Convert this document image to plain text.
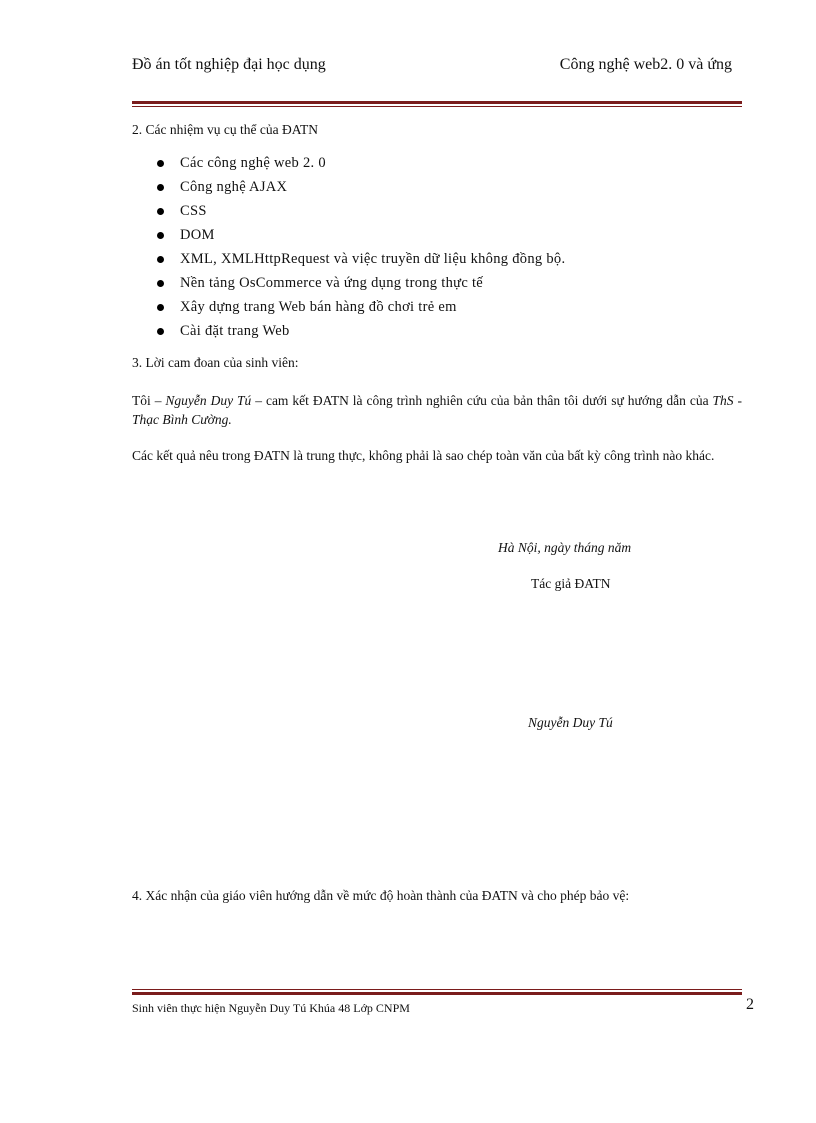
Đồ án tốt nghiệp đại học dụng	Công nghệ web2. 0 và ứng

2. Các nhiệm vụ cụ thể của ĐATN

Các công nghệ web 2. 0
Công nghệ AJAX
CSS
DOM
XML, XMLHttpRequest và việc truyền dữ liệu không đồng bộ.
Nền tảng OsCommerce và ứng dụng trong thực tế
Xây dựng trang Web bán hàng đồ chơi trẻ em
Cài đặt trang Web

3. Lời cam đoan của sinh viên:

Tôi – Nguyễn Duy Tú – cam kết ĐATN là công trình nghiên cứu của bản thân tôi dưới sự hướng dẫn của ThS - Thạc Bình Cường.

Các kết quả nêu trong ĐATN là trung thực, không phải là sao chép toàn văn của bất kỳ công trình nào khác.

Hà Nội, ngày tháng năm
Tác giả ĐATN
Nguyễn Duy Tú
4. Xác nhận của giáo viên hướng dẫn về mức độ hoàn thành của ĐATN và cho phép bảo vệ:
Sinh viên thực hiện Nguyễn Duy Tú Khúa 48 Lớp CNPM	2
